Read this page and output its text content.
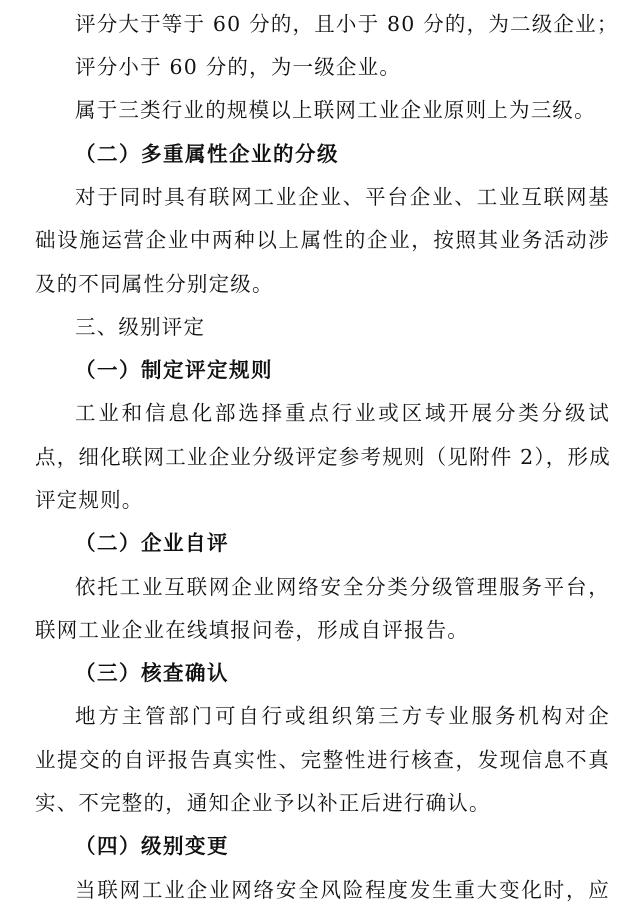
评分大于等于 60 分的，且小于 80 分的，为二级企业；
评分小于 60 分的，为一级企业。
属于三类行业的规模以上联网工业企业原则上为三级。
（二）多重属性企业的分级
对于同时具有联网工业企业、平台企业、工业互联网基
础设施运营企业中两种以上属性的企业，按照其业务活动涉
及的不同属性分别定级。
三、级别评定
（一）制定评定规则
工业和信息化部选择重点行业或区域开展分类分级试
点，细化联网工业企业分级评定参考规则（见附件 2），形成
评定规则。
（二）企业自评
依托工业互联网企业网络安全分类分级管理服务平台，
联网工业企业在线填报问卷，形成自评报告。
（三）核查确认
地方主管部门可自行或组织第三方专业服务机构对企
业提交的自评报告真实性、完整性进行核查，发现信息不真
实、不完整的，通知企业予以补正后进行确认。
（四）级别变更
当联网工业企业网络安全风险程度发生重大变化时，应
